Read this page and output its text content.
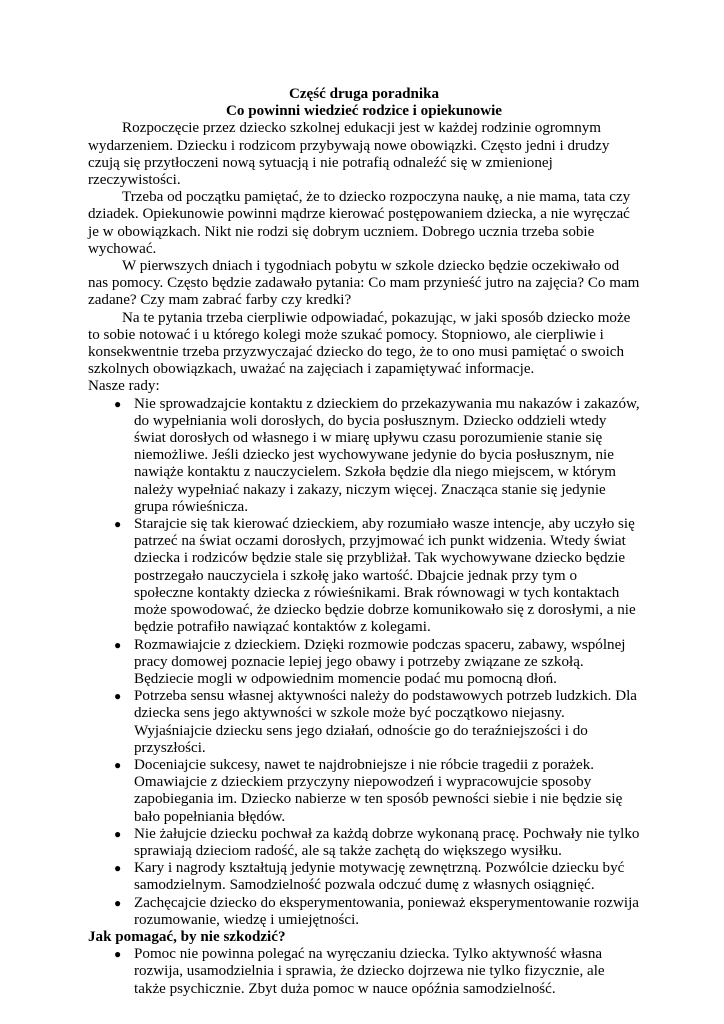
Część druga poradnika
Co powinni wiedzieć rodzice i opiekunowie

Rozpoczęcie przez dziecko szkolnej edukacji jest w każdej rodzinie ogromnym wydarzeniem. Dziecku i rodzicom przybywają nowe obowiązki. Często jedni i drudzy czują się przytłoczeni nową sytuacją i nie potrafią odnaleźć się w zmienionej rzeczywistości.

Trzeba od początku pamiętać, że to dziecko rozpoczyna naukę, a nie mama, tata czy dziadek. Opiekunowie powinni mądrze kierować postępowaniem dziecka, a nie wyręczać je w obowiązkach. Nikt nie rodzi się dobrym uczniem. Dobrego ucznia trzeba sobie wychować.

W pierwszych dniach i tygodniach pobytu w szkole dziecko będzie oczekiwało od nas pomocy. Często będzie zadawało pytania: Co mam przynieść jutro na zajęcia? Co mam zadane? Czy mam zabrać farby czy kredki?

Na te pytania trzeba cierpliwie odpowiadać, pokazując, w jaki sposób dziecko może to sobie notować i u którego kolegi może szukać pomocy. Stopniowo, ale cierpliwie i konsekwentnie trzeba przyzwyczajać dziecko do tego, że to ono musi pamiętać o swoich szkolnych obowiązkach, uważać na zajęciach i zapamiętywać informacje.

Nasze rady:

● Nie sprowadzajcie kontaktu z dzieckiem do przekazywania mu nakazów i zakazów, do wypełniania woli dorosłych, do bycia posłusznym. Dziecko oddzieli wtedy świat dorosłych od własnego i w miarę upływu czasu porozumienie stanie się niemożliwe. Jeśli dziecko jest wychowywane jedynie do bycia posłusznym, nie nawiąże kontaktu z nauczycielem. Szkoła będzie dla niego miejscem, w którym należy wypełniać nakazy i zakazy, niczym więcej. Znacząca stanie się jedynie grupa rówieśnicza.
● Starajcie się tak kierować dzieckiem, aby rozumiało wasze intencje, aby uczyło się patrzeć na świat oczami dorosłych, przyjmować ich punkt widzenia. Wtedy świat dziecka i rodziców będzie stale się przybliżał. Tak wychowywane dziecko będzie postrzegało nauczyciela i szkołę jako wartość. Dbajcie jednak przy tym o społeczne kontakty dziecka z rówieśnikami. Brak równowagi w tych kontaktach może spowodować, że dziecko będzie dobrze komunikowało się z dorosłymi, a nie będzie potrafiło nawiązać kontaktów z kolegami.
● Rozmawiajcie z dzieckiem. Dzięki rozmowie podczas spaceru, zabawy, wspólnej pracy domowej poznacie lepiej jego obawy i potrzeby związane ze szkołą. Będziecie mogli w odpowiednim momencie podać mu pomocną dłoń.
● Potrzeba sensu własnej aktywności należy do podstawowych potrzeb ludzkich. Dla dziecka sens jego aktywności w szkole może być początkowo niejasny. Wyjaśniajcie dziecku sens jego działań, odnoście go do teraźniejszości i do przyszłości.
● Doceniajcie sukcesy, nawet te najdrobniejsze i nie róbcie tragedii z porażek. Omawiajcie z dzieckiem przyczyny niepowodzeń i wypracowujcie sposoby zapobiegania im. Dziecko nabierze w ten sposób pewności siebie i nie będzie się bało popełniania błędów.
● Nie żałujcie dziecku pochwał za każdą dobrze wykonaną pracę. Pochwały nie tylko sprawiają dzieciom radość, ale są także zachętą do większego wysiłku.
● Kary i nagrody kształtują jedynie motywację zewnętrzną. Pozwólcie dziecku być samodzielnym. Samodzielność pozwala odczuć dumę z własnych osiągnięć.
● Zachęcajcie dziecko do eksperymentowania, ponieważ eksperymentowanie rozwija rozumowanie, wiedzę i umiejętności.
Jak pomagać, by nie szkodzić?
● Pomoc nie powinna polegać na wyręczaniu dziecka. Tylko aktywność własna rozwija, usamodzielnia i sprawia, że dziecko dojrzewa nie tylko fizycznie, ale także psychicznie. Zbyt duża pomoc w nauce opóźnia samodzielność.
